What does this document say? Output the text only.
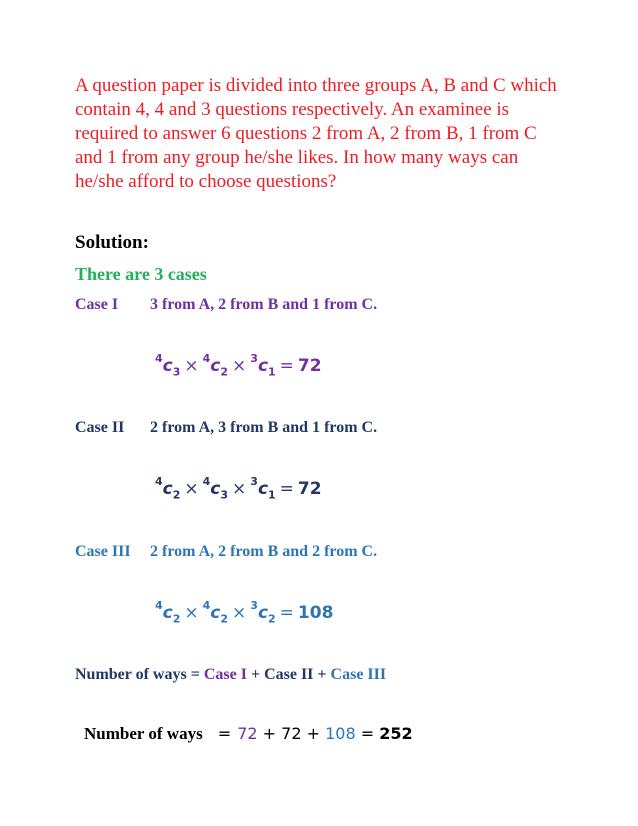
A question paper is divided into three groups A, B and C which
contain 4, 4 and 3 questions respectively. An examinee is
required to answer 6 questions 2 from A, 2 from B, 1 from C
and 1 from any group he/she likes. In how many ways can
he/she afford to choose questions?
Solution:
There are 3 cases
Case I 3 from A, 2 from B and 1 from C.
$^4c_3 \times ^4c_2 \times ^3c_1 = 72$
Case II 2 from A, 3 from B and 1 from C.
$^4c_2 \times ^4c_3 \times ^3c_1 = 72$
Case III 2 from A, 2 from B and 2 from C.
$^4c_2 \times ^4c_2 \times ^3c_2 = 108$
Number of ways = Case I + Case II + Case III
Number of ways = 72 + 72 + 108 = 252
